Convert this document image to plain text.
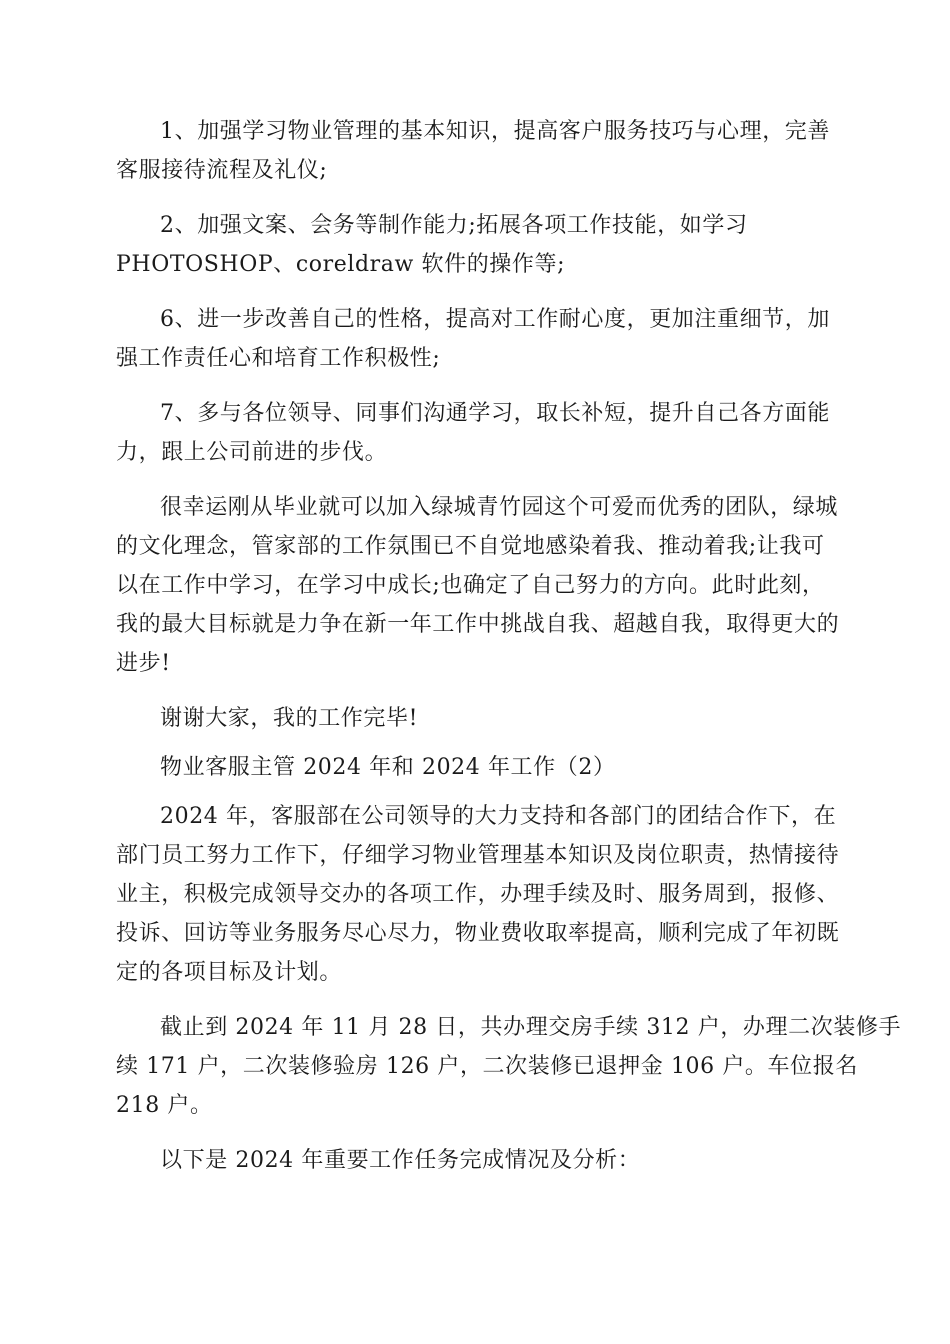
1、加强学习物业管理的基本知识，提高客户服务技巧与心理，完善
客服接待流程及礼仪;

2、加强文案、会务等制作能力;拓展各项工作技能，如学习
PHOTOSHOP、coreldraw 软件的操作等;

6、进一步改善自己的性格，提高对工作耐心度，更加注重细节，加
强工作责任心和培育工作积极性;

7、多与各位领导、同事们沟通学习，取长补短，提升自己各方面能
力，跟上公司前进的步伐。

很幸运刚从毕业就可以加入绿城青竹园这个可爱而优秀的团队，绿城
的文化理念，管家部的工作氛围已不自觉地感染着我、推动着我;让我可
以在工作中学习，在学习中成长;也确定了自己努力的方向。此时此刻，
我的最大目标就是力争在新一年工作中挑战自我、超越自我，取得更大的
进步!

谢谢大家，我的工作完毕!

物业客服主管 2024 年和 2024 年工作（2）

2024 年，客服部在公司领导的大力支持和各部门的团结合作下，在
部门员工努力工作下，仔细学习物业管理基本知识及岗位职责，热情接待
业主，积极完成领导交办的各项工作，办理手续及时、服务周到，报修、
投诉、回访等业务服务尽心尽力，物业费收取率提高，顺利完成了年初既
定的各项目标及计划。

截止到 2024 年 11 月 28 日，共办理交房手续 312 户，办理二次装修手
续 171 户，二次装修验房 126 户，二次装修已退押金 106 户。车位报名
218 户。

以下是 2024 年重要工作任务完成情况及分析：
